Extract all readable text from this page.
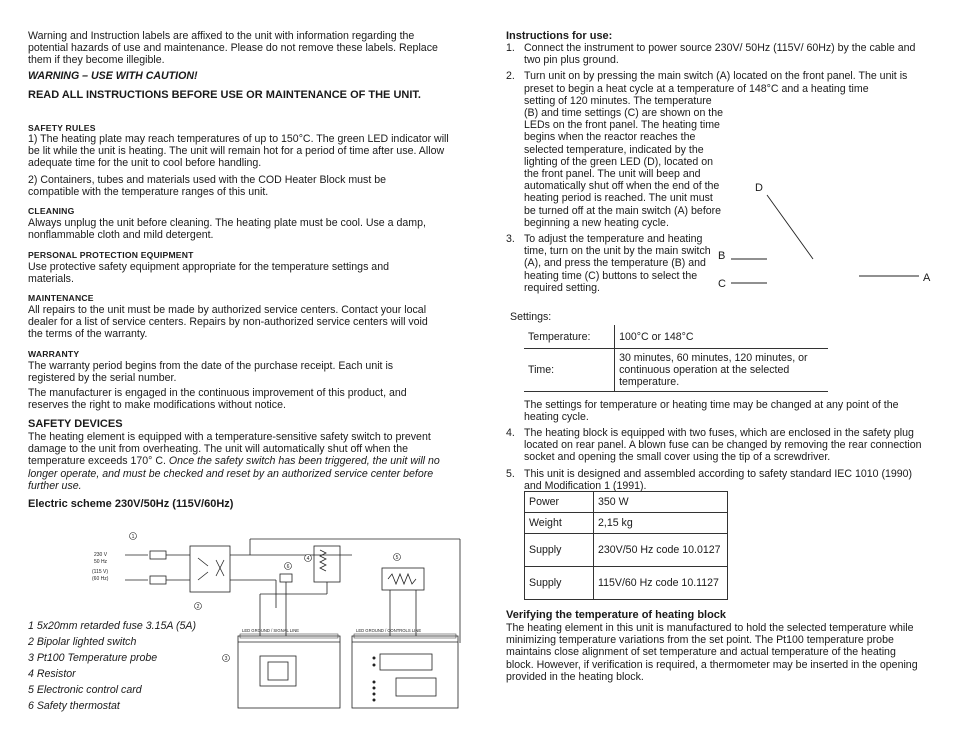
Warning and Instruction labels are affixed to the unit with information regarding the potential hazards of use and maintenance. Please do not remove these labels. Replace them if they become illegible.

WARNING – USE WITH CAUTION!

READ ALL INSTRUCTIONS BEFORE USE OR MAINTENANCE OF THE UNIT.

SAFETY RULES

1) The heating plate may reach temperatures of up to 150°C. The green LED indicator will be lit while the unit is heating. The unit will remain hot for a period of time after use. Allow adequate time for the unit to cool before handling.

2) Containers, tubes and materials used with the COD Heater Block must be compatible with the temperature ranges of this unit.

CLEANING

Always unplug the unit before cleaning. The heating plate must be cool. Use a damp, nonflammable cloth and mild detergent.

PERSONAL PROTECTION EQUIPMENT

Use protective safety equipment appropriate for the temperature settings and materials.

MAINTENANCE

All repairs to the unit must be made by authorized service centers. Contact your local dealer for a list of service centers. Repairs by non-authorized service centers will void the terms of the warranty.

WARRANTY

The warranty period begins from the date of the purchase receipt. Each unit is registered by the serial number.

The manufacturer is engaged in the continuous improvement of this product, and reserves the right to make modifications without notice.

SAFETY DEVICES

The heating element is equipped with a temperature-sensitive safety switch to prevent damage to the unit from overheating. The unit will automatically shut off when the temperature exceeds 170° C. Once the safety switch has been triggered, the unit will no longer operate, and must be checked and reset by an authorized service center before further use.

Electric scheme 230V/50Hz (115V/60Hz)

1
2
4
6
5
3
230 V
50 Hz
(115 V)
(60 Hz)
LED GROUND / SIGNAL LINE	LED GROUND / CONTROLS LINE

1 5x20mm retarded fuse 3.15A (5A)

2 Bipolar lighted switch

3 Pt100 Temperature probe

4 Resistor

5 Electronic control card

6 Safety thermostat

Instructions for use:

1. Connect the instrument to power source 230V/ 50Hz (115V/ 60Hz) by the cable and two pin plus ground.
2. Turn unit on by pressing the main switch (A) located on the front panel. The unit is preset to begin a heat cycle at a temperature of 148°C and a heating time
setting of 120 minutes. The temperature (B) and time settings (C) are shown on the LEDs on the front panel. The heating time begins when the reactor reaches the selected temperature, indicated by the lighting of the green LED (D), located on the front panel. The unit will beep and automatically shut off when the end of the heating period is reached. The unit must be turned off at the main switch (A) before beginning a new heating cycle.
3. To adjust the temperature and heating time, turn on the unit by the main switch (A), and press the temperature (B) and heating time (C) buttons to select the required setting.

Settings:

Temperature:	100°C or 148°C
Time:	30 minutes, 60 minutes, 120 minutes, or continuous operation at the selected temperature.

The settings for temperature or heating time may be changed at any point of the heating cycle.

4. The heating block is equipped with two fuses, which are enclosed in the safety plug located on rear panel. A blown fuse can be changed by removing the rear connection socket and opening the small cover using the tip of a screwdriver.
5. This unit is designed and assembled according to safety standard IEC 1010 (1990) and Modification 1 (1991).
Power	350 W
Weight	2,15 kg
Supply	230V/50 Hz code 10.0127
Supply	115V/60 Hz code 10.1127

Verifying the temperature of heating block

The heating element in this unit is manufactured to hold the selected temperature while minimizing temperature variations from the set point. The Pt100 temperature probe maintains close alignment of set temperature and actual temperature of the heating block. However, if verification is required, a thermometer may be inserted in the opening provided in the heating block.

D
B
C	A
